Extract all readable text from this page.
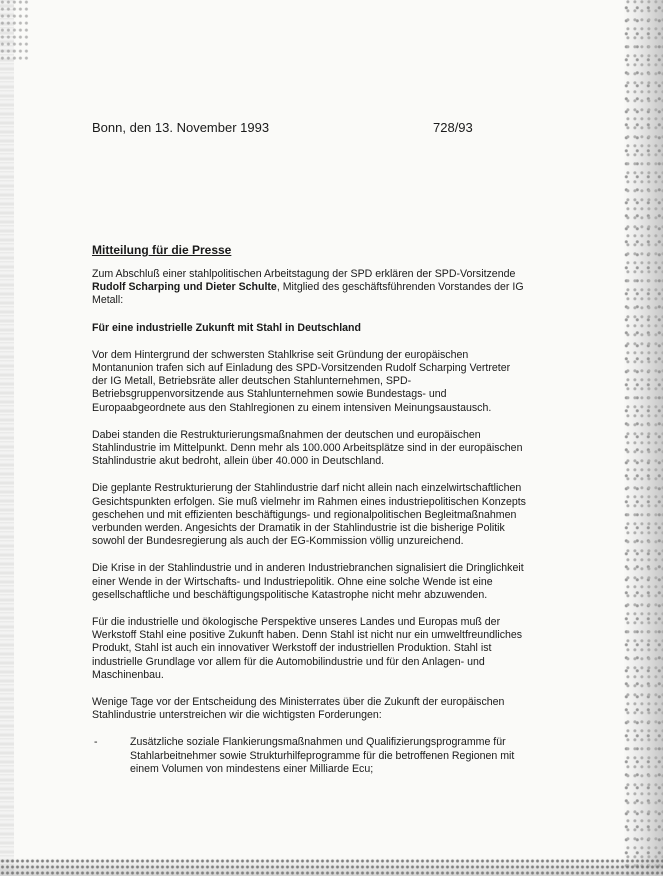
Bonn, den 13. November 1993	728/93
Mitteilung für die Presse

Zum Abschluß einer stahlpolitischen Arbeitstagung der SPD erklären der SPD-Vorsitzende Rudolf Scharping und Dieter Schulte, Mitglied des geschäftsführenden Vorstandes der IG Metall:

Für eine industrielle Zukunft mit Stahl in Deutschland

Vor dem Hintergrund der schwersten Stahlkrise seit Gründung der europäischen Montanunion trafen sich auf Einladung des SPD-Vorsitzenden Rudolf Scharping Vertreter der IG Metall, Betriebsräte aller deutschen Stahlunternehmen, SPD-Betriebsgruppenvorsitzende aus Stahlunternehmen sowie Bundestags- und Europaabgeordnete aus den Stahlregionen zu einem intensiven Meinungsaustausch.

Dabei standen die Restrukturierungsmaßnahmen der deutschen und europäischen Stahlindustrie im Mittelpunkt. Denn mehr als 100.000 Arbeitsplätze sind in der europäischen Stahlindustrie akut bedroht, allein über 40.000 in Deutschland.

Die geplante Restrukturierung der Stahlindustrie darf nicht allein nach einzelwirtschaftlichen Gesichtspunkten erfolgen. Sie muß vielmehr im Rahmen eines industriepolitischen Konzepts geschehen und mit effizienten beschäftigungs- und regionalpolitischen Begleitmaßnahmen verbunden werden. Angesichts der Dramatik in der Stahlindustrie ist die bisherige Politik sowohl der Bundesregierung als auch der EG-Kommission völlig unzureichend.

Die Krise in der Stahlindustrie und in anderen Industriebranchen signalisiert die Dringlichkeit einer Wende in der Wirtschafts- und Industriepolitik. Ohne eine solche Wende ist eine gesellschaftliche und beschäftigungspolitische Katastrophe nicht mehr abzuwenden.

Für die industrielle und ökologische Perspektive unseres Landes und Europas muß der Werkstoff Stahl eine positive Zukunft haben. Denn Stahl ist nicht nur ein umweltfreundliches Produkt, Stahl ist auch ein innovativer Werkstoff der industriellen Produktion. Stahl ist industrielle Grundlage vor allem für die Automobilindustrie und für den Anlagen- und Maschinenbau.

Wenige Tage vor der Entscheidung des Ministerrates über die Zukunft der europäischen Stahlindustrie unterstreichen wir die wichtigsten Forderungen:

-	Zusätzliche soziale Flankierungsmaßnahmen und Qualifizierungsprogramme für Stahlarbeitnehmer sowie Strukturhilfeprogramme für die betroffenen Regionen mit einem Volumen von mindestens einer Milliarde Ecu;
